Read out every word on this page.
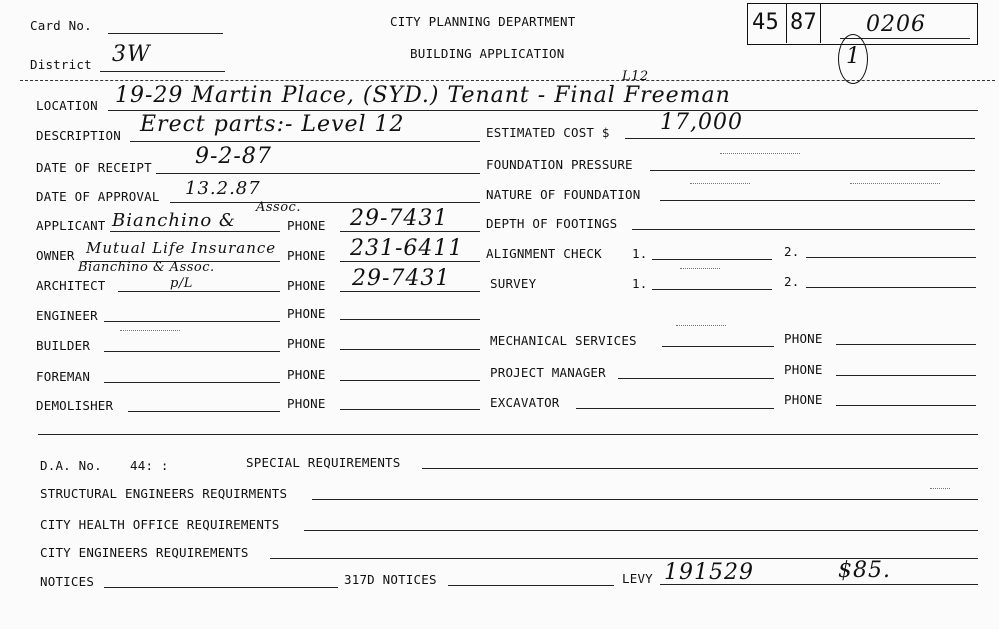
Card No.
District 3W
CITY PLANNING DEPARTMENT
BUILDING APPLICATION
45 87 0206
1
LOCATION 19-29 Martin Place, (SYD.) Tenant - Final Freeman
L12
DESCRIPTION Erect parts:- Level 12	ESTIMATED COST $ 17,000
DATE OF RECEIPT 9-2-87	FOUNDATION PRESSURE
DATE OF APPROVAL 13.2.87	NATURE OF FOUNDATION
APPLICANT Bianchino &
Assoc.
PHONE 29-7431	DEPTH OF FOOTINGS
OWNER Mutual Life Insurance PHONE 231-6411 ALIGNMENT CHECK 1.	2.
Bianchino & Assoc.
ARCHITECT	p/L	PHONE 29-7431	SURVEY	1.	2.
ENGINEER	PHONE
BUILDER	PHONE	MECHANICAL SERVICES	PHONE
FOREMAN	PHONE	PROJECT MANAGER	PHONE
DEMOLISHER	PHONE	EXCAVATOR	PHONE
D.A. No. 44: :	SPECIAL REQUIREMENTS
STRUCTURAL ENGINEERS REQUIRMENTS
CITY HEALTH OFFICE REQUIREMENTS
CITY ENGINEERS REQUIREMENTS
NOTICES	317D NOTICES	LEVY 191529	$85.
